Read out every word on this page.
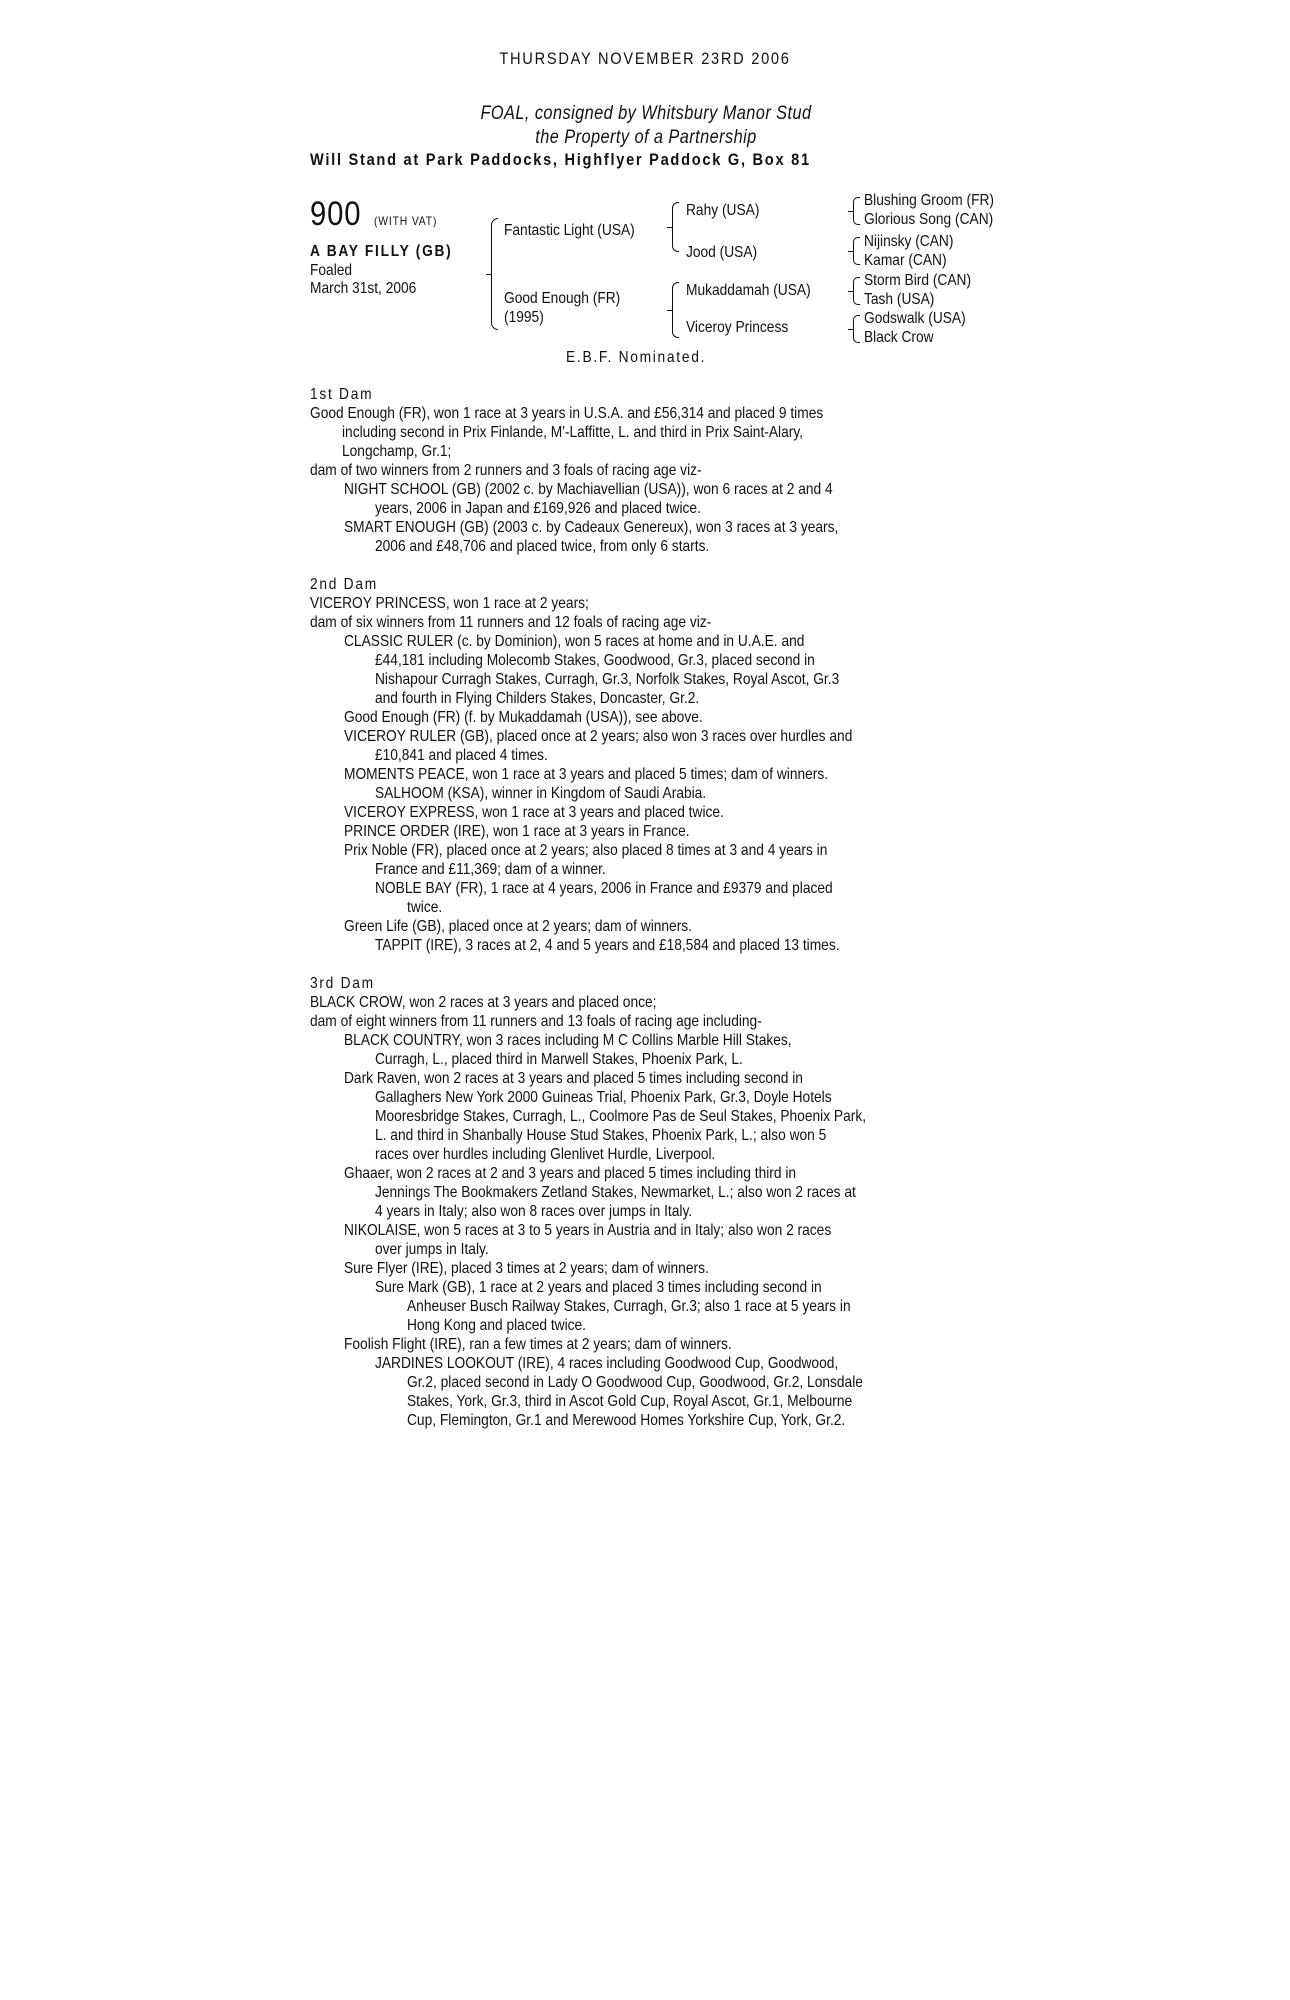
THURSDAY NOVEMBER 23RD 2006
FOAL, consigned by Whitsbury Manor Stud
the Property of a Partnership
Will Stand at Park Paddocks, Highflyer Paddock G, Box 81
900 (WITH VAT)
A BAY FILLY (GB)
Foaled
March 31st, 2006
Fantastic Light (USA)
Good Enough (FR)
(1995)
Rahy (USA)
Jood (USA)
Mukaddamah (USA)
Viceroy Princess
Blushing Groom (FR)
Glorious Song (CAN)
Nijinsky (CAN)
Kamar (CAN)
Storm Bird (CAN)
Tash (USA)
Godswalk (USA)
Black Crow
E.B.F. Nominated.
1st Dam
Good Enough (FR), won 1 race at 3 years in U.S.A. and £56,314 and placed 9 times
including second in Prix Finlande, M'-Laffitte, L. and third in Prix Saint-Alary,
Longchamp, Gr.1;
dam of two winners from 2 runners and 3 foals of racing age viz-
NIGHT SCHOOL (GB) (2002 c. by Machiavellian (USA)), won 6 races at 2 and 4
years, 2006 in Japan and £169,926 and placed twice.
SMART ENOUGH (GB) (2003 c. by Cadeaux Genereux), won 3 races at 3 years,
2006 and £48,706 and placed twice, from only 6 starts.
2nd Dam
VICEROY PRINCESS, won 1 race at 2 years;
dam of six winners from 11 runners and 12 foals of racing age viz-
CLASSIC RULER (c. by Dominion), won 5 races at home and in U.A.E. and
£44,181 including Molecomb Stakes, Goodwood, Gr.3, placed second in
Nishapour Curragh Stakes, Curragh, Gr.3, Norfolk Stakes, Royal Ascot, Gr.3
and fourth in Flying Childers Stakes, Doncaster, Gr.2.
Good Enough (FR) (f. by Mukaddamah (USA)), see above.
VICEROY RULER (GB), placed once at 2 years; also won 3 races over hurdles and
£10,841 and placed 4 times.
MOMENTS PEACE, won 1 race at 3 years and placed 5 times; dam of winners.
SALHOOM (KSA), winner in Kingdom of Saudi Arabia.
VICEROY EXPRESS, won 1 race at 3 years and placed twice.
PRINCE ORDER (IRE), won 1 race at 3 years in France.
Prix Noble (FR), placed once at 2 years; also placed 8 times at 3 and 4 years in
France and £11,369; dam of a winner.
NOBLE BAY (FR), 1 race at 4 years, 2006 in France and £9379 and placed
twice.
Green Life (GB), placed once at 2 years; dam of winners.
TAPPIT (IRE), 3 races at 2, 4 and 5 years and £18,584 and placed 13 times.
3rd Dam
BLACK CROW, won 2 races at 3 years and placed once;
dam of eight winners from 11 runners and 13 foals of racing age including-
BLACK COUNTRY, won 3 races including M C Collins Marble Hill Stakes,
Curragh, L., placed third in Marwell Stakes, Phoenix Park, L.
Dark Raven, won 2 races at 3 years and placed 5 times including second in
Gallaghers New York 2000 Guineas Trial, Phoenix Park, Gr.3, Doyle Hotels
Mooresbridge Stakes, Curragh, L., Coolmore Pas de Seul Stakes, Phoenix Park,
L. and third in Shanbally House Stud Stakes, Phoenix Park, L.; also won 5
races over hurdles including Glenlivet Hurdle, Liverpool.
Ghaaer, won 2 races at 2 and 3 years and placed 5 times including third in
Jennings The Bookmakers Zetland Stakes, Newmarket, L.; also won 2 races at
4 years in Italy; also won 8 races over jumps in Italy.
NIKOLAISE, won 5 races at 3 to 5 years in Austria and in Italy; also won 2 races
over jumps in Italy.
Sure Flyer (IRE), placed 3 times at 2 years; dam of winners.
Sure Mark (GB), 1 race at 2 years and placed 3 times including second in
Anheuser Busch Railway Stakes, Curragh, Gr.3; also 1 race at 5 years in
Hong Kong and placed twice.
Foolish Flight (IRE), ran a few times at 2 years; dam of winners.
JARDINES LOOKOUT (IRE), 4 races including Goodwood Cup, Goodwood,
Gr.2, placed second in Lady O Goodwood Cup, Goodwood, Gr.2, Lonsdale
Stakes, York, Gr.3, third in Ascot Gold Cup, Royal Ascot, Gr.1, Melbourne
Cup, Flemington, Gr.1 and Merewood Homes Yorkshire Cup, York, Gr.2.
